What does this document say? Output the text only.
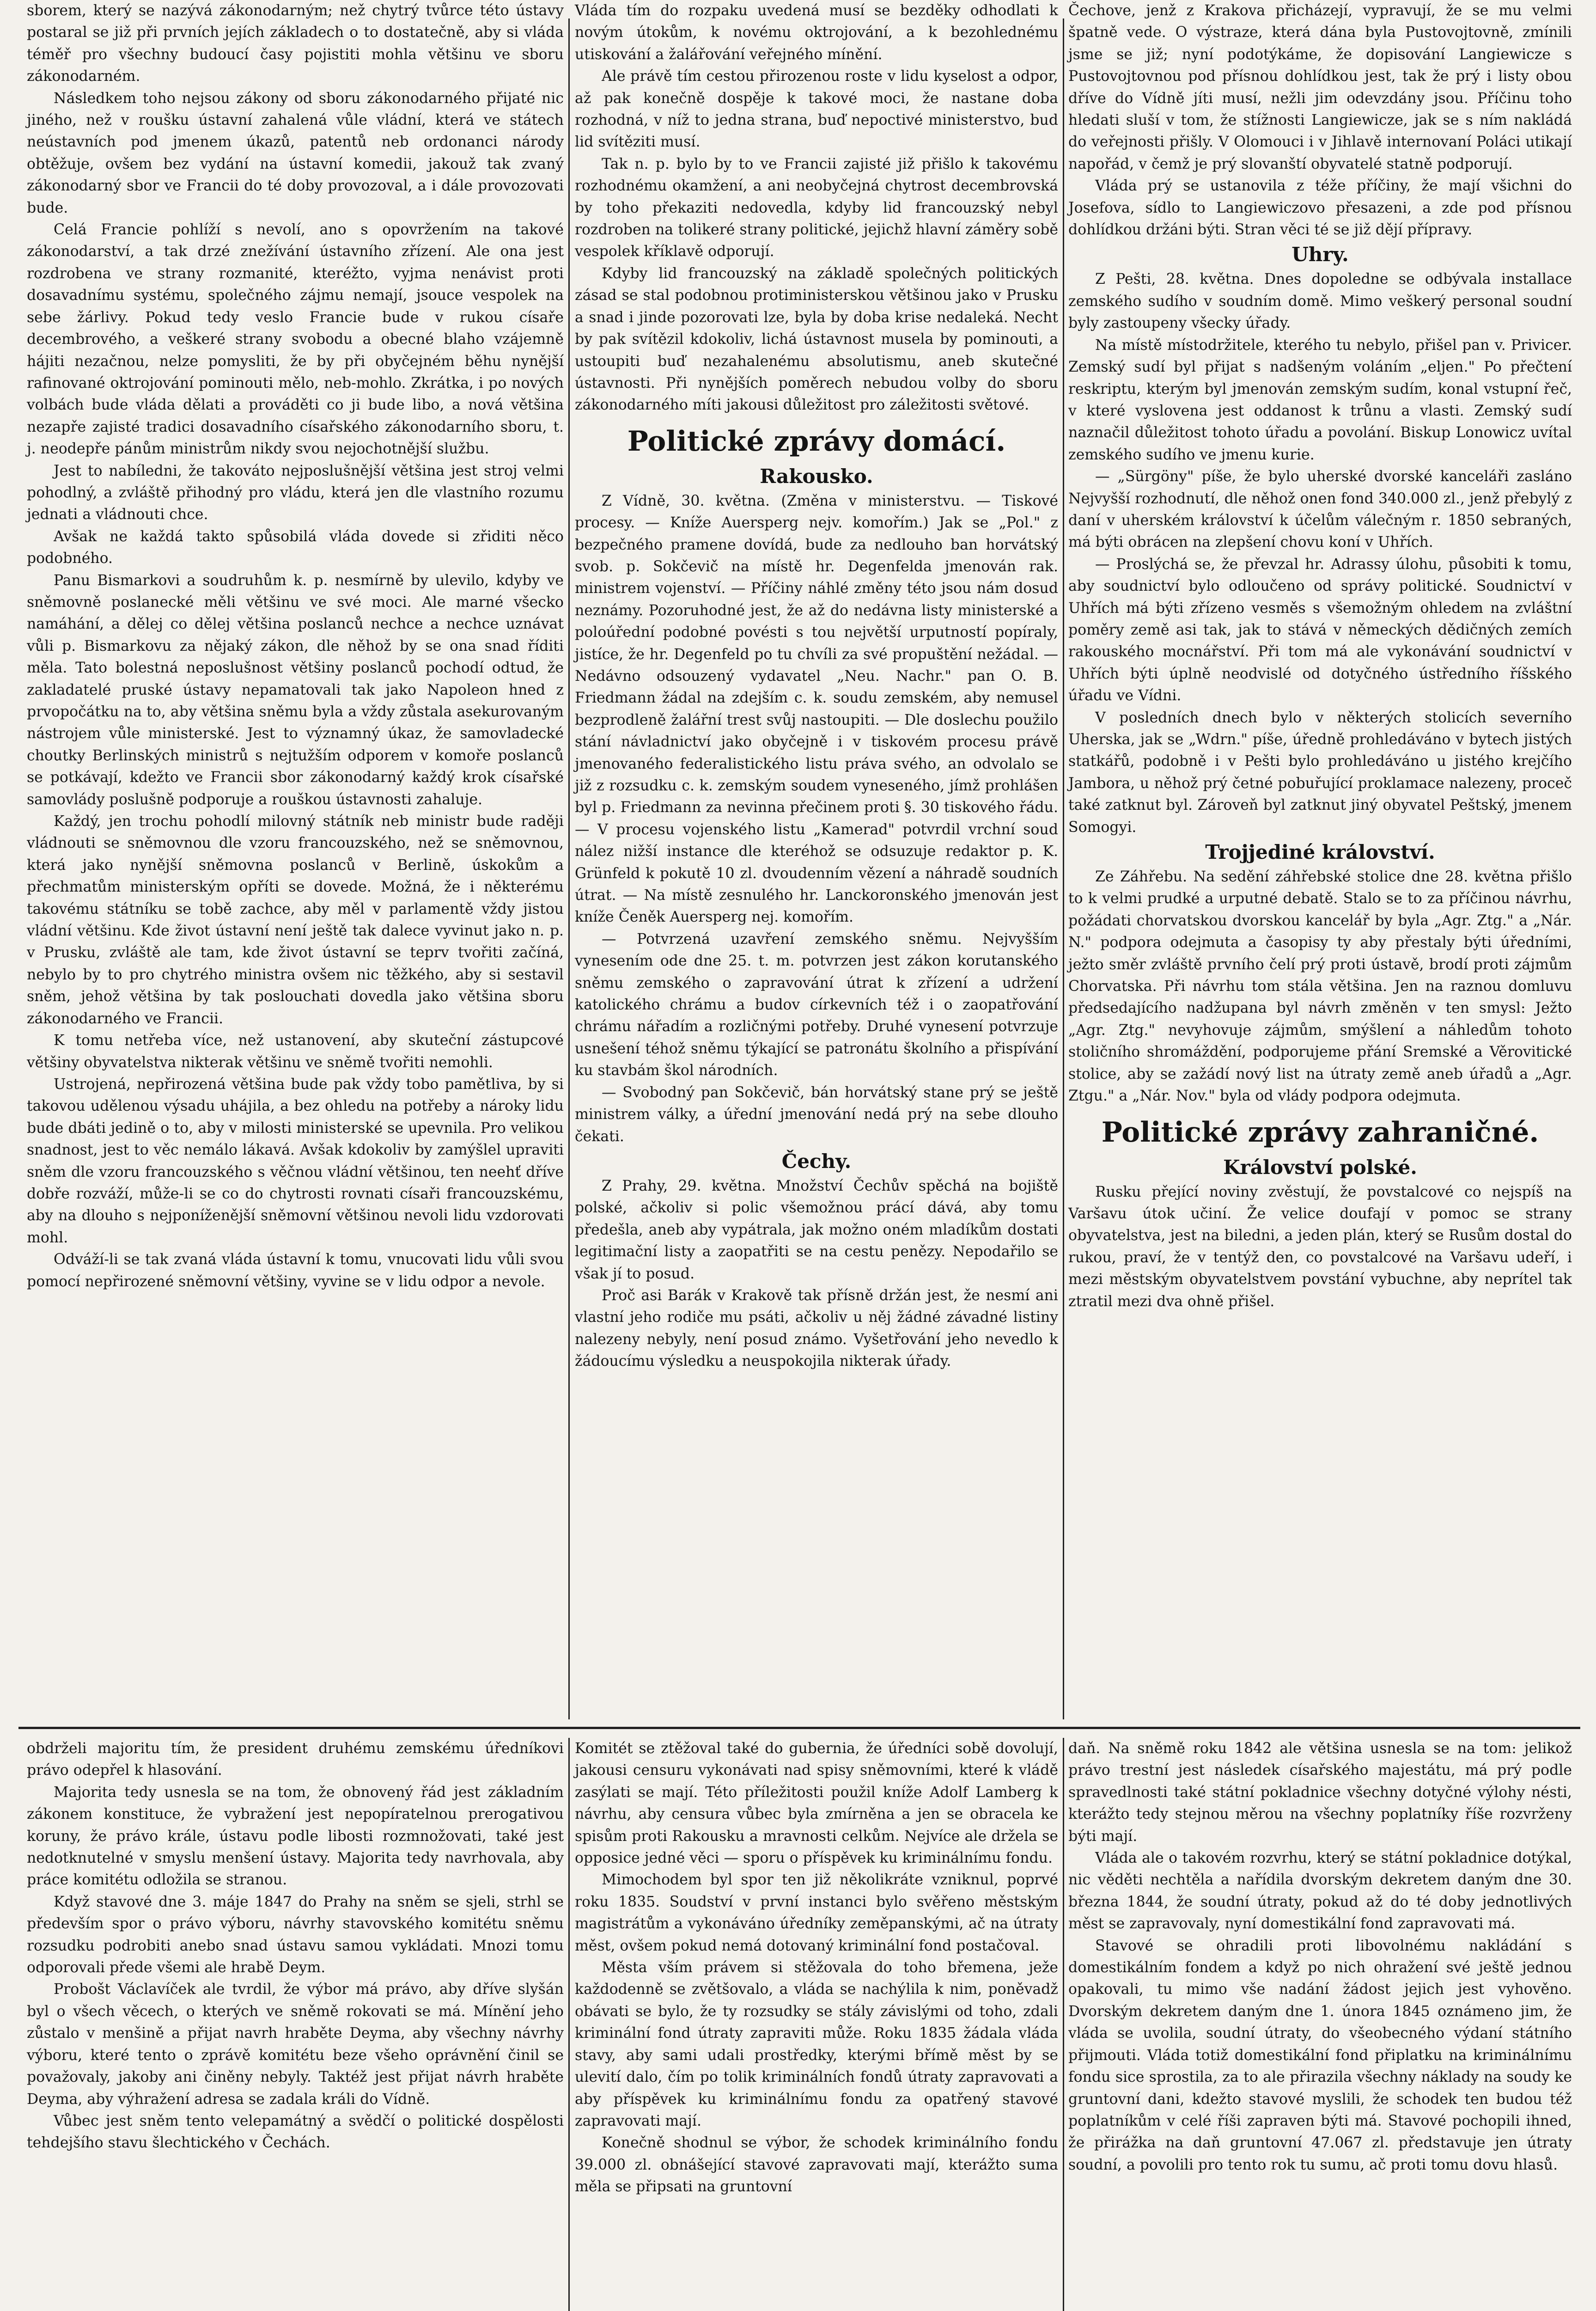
sborem, který se nazývá zákonodarným; než chytrý tvůrce této ústavy postaral se již při prvních jejích základech o to dostatečně, aby si vláda téměř pro všechny budoucí časy pojistiti mohla většinu ve sboru zákonodarném.

Následkem toho nejsou zákony od sboru zákonodarného přijaté nic jiného, než v roušku ústavní zahalená vůle vládní, která ve státech neústavních pod jmenem úkazů, patentů neb ordonanci národy obtěžuje, ovšem bez vydání na ústavní komedii, jakouž tak zvaný zákonodarný sbor ve Francii do té doby provozoval, a i dále provozovati bude.

Celá Francie pohlíží s nevolí, ano s opovržením na takové zákonodarství, a tak drzé znežívání ústavního zřízení. Ale ona jest rozdrobena ve strany rozmanité, kteréžto, vyjma nenávist proti dosavadnímu systému, společného zájmu nemají, jsouce vespolek na sebe žárlivy. Pokud tedy veslo Francie bude v rukou císaře decembrového, a veškeré strany svobodu a obecné blaho vzájemně hájiti nezačnou, nelze pomysliti, že by při obyčejném běhu nynější rafinované oktrojování pominouti mělo, neb-mohlo. Zkrátka, i po nových volbách bude vláda dělati a prováděti co ji bude libo, a nová většina nezapře zajisté tradici dosavadního císařského zákonodarního sboru, t. j. neodepře pánům ministrům nikdy svou nejochotnější službu.

Jest to nabíledni, že takováto nejposlušnější většina jest stroj velmi pohodlný, a zvláště přihodný pro vládu, která jen dle vlastního rozumu jednati a vládnouti chce.

Avšak ne každá takto spůsobilá vláda dovede si zřiditi něco podobného.

Panu Bismarkovi a soudruhům k. p. nesmírně by ulevilo, kdyby ve sněmovně poslanecké měli většinu ve své moci. Ale marné všecko namáhání, a dělej co dělej většina poslanců nechce a nechce uznávat vůli p. Bismarkovu za nějaký zákon, dle něhož by se ona snad říditi měla. Tato bolestná neposlušnost většiny poslanců pochodí odtud, že zakladatelé pruské ústavy nepamatovali tak jako Napoleon hned z prvopočátku na to, aby většina sněmu byla a vždy zůstala asekurovaným nástrojem vůle ministerské. Jest to významný úkaz, že samovladecké choutky Berlinských ministrů s nejtužším odporem v komoře poslanců se potkávají, kdežto ve Francii sbor zákonodarný každý krok císařské samovlády poslušně podporuje a rouškou ústavnosti zahaluje.

Každý, jen trochu pohodlí milovný státník neb ministr bude raději vládnouti se sněmovnou dle vzoru francouzského, než se sněmovnou, která jako nynější sněmovna poslanců v Berlině, úskokům a přechmatům ministerským opříti se dovede. Možná, že i některému takovému státníku se tobě zachce, aby měl v parlamentě vždy jistou vládní většinu. Kde život ústavní není ještě tak dalece vyvinut jako n. p. v Prusku, zvláště ale tam, kde život ústavní se teprv tvořiti začíná, nebylo by to pro chytrého ministra ovšem nic těžkého, aby si sestavil sněm, jehož většina by tak poslouchati dovedla jako většina sboru zákonodarného ve Francii.

K tomu netřeba více, než ustanovení, aby skuteční zástupcové většiny obyvatelstva nikterak většinu ve sněmě tvořiti nemohli.

Ustrojená, nepřirozená většina bude pak vždy tobo pamětliva, by si takovou udělenou výsadu uhájila, a bez ohledu na potřeby a nároky lidu bude dbáti jedině o to, aby v milosti ministerské se upevnila. Pro velikou snadnost, jest to věc nemálo lákavá. Avšak kdokoliv by zamýšlel upraviti sněm dle vzoru francouzského s věčnou vládní většinou, ten neehť dříve dobře rozváží, může-li se co do chytrosti rovnati císaři francouzskému, aby na dlouho s nejponíženější sněmovní většinou nevoli lidu vzdorovati mohl.

Odváží-li se tak zvaná vláda ústavní k tomu, vnucovati lidu vůli svou pomocí nepřirozené sněmovní většiny, vyvine se v lidu odpor a nevole.

Vláda tím do rozpaku uvedená musí se bezděky odhodlati k novým útokům, k novému oktrojování, a k bezohlednému utiskování a žalářování veřejného mínění.

Ale právě tím cestou přirozenou roste v lidu kyselost a odpor, až pak konečně dospěje k takové moci, že nastane doba rozhodná, v níž to jedna strana, buď nepoctivé ministerstvo, bud lid svítěziti musí.

Tak n. p. bylo by to ve Francii zajisté již přišlo k takovému rozhodnému okamžení, a ani neobyčejná chytrost decembrovská by toho překaziti nedovedla, kdyby lid francouzský nebyl rozdroben na tolikeré strany politické, jejichž hlavní záměry sobě vespolek kříklavě odporují.

Kdyby lid francouzský na základě společných politických zásad se stal podobnou protiministerskou většinou jako v Prusku a snad i jinde pozorovati lze, byla by doba krise nedaleká. Necht by pak svítězil kdokoliv, lichá ústavnost musela by pominouti, a ustoupiti buď nezahalenému absolutismu, aneb skutečné ústavnosti. Při nynějších poměrech nebudou volby do sboru zákonodarného míti jakousi důležitost pro záležitosti světové.

Politické zprávy domácí.
Rakousko.

Z Vídně, 30. května. (Změna v ministerstvu. — Tiskové procesy. — Kníže Auersperg nejv. komořím.) Jak se „Pol." z bezpečného pramene dovídá, bude za nedlouho ban horvátský svob. p. Sokčevič na místě hr. Degenfelda jmenován rak. ministrem vojenství. — Příčiny náhlé změny této jsou nám dosud neznámy. Pozoruhodné jest, že až do nedávna listy ministerské a poloúřední podobné povésti s tou největší urputností popíraly, jistíce, že hr. Degenfeld po tu chvíli za své propuštění nežádal. — Nedávno odsouzený vydavatel „Neu. Nachr." pan O. B. Friedmann žádal na zdejším c. k. soudu zemském, aby nemusel bezprodleně žalářní trest svůj nastoupiti. — Dle doslechu použilo stání návladnictví jako obyčejně i v tiskovém procesu právě jmenovaného federalistického listu práva svého, an odvolalo se již z rozsudku c. k. zemským soudem vyneseného, jímž prohlášen byl p. Friedmann za nevinna přečinem proti §. 30 tiskového řádu. — V procesu vojenského listu „Kamerad" potvrdil vrchní soud nález nižší instance dle kteréhož se odsuzuje redaktor p. K. Grünfeld k pokutě 10 zl. dvoudenním vězení a náhradě soudních útrat. — Na místě zesnulého hr. Lanckoronského jmenován jest kníže Čeněk Auersperg nej. komořím.

— Potvrzená uzavření zemského sněmu. Nejvyšším vynesením ode dne 25. t. m. potvrzen jest zákon korutanského sněmu zemského o zapravování útrat k zřízení a udržení katolického chrámu a budov církevních též i o zaopatřování chrámu nářadím a rozličnými potřeby. Druhé vynesení potvrzuje usnešení téhož sněmu týkající se patronátu školního a přispívání ku stavbám škol národních.

— Svobodný pan Sokčevič, bán horvátský stane prý se ještě ministrem války, a úřední jmenování nedá prý na sebe dlouho čekati.

Čechy.

Z Prahy, 29. května. Množství Čechův spěchá na bojiště polské, ačkoliv si polic všemožnou prácí dává, aby tomu předešla, aneb aby vypátrala, jak možno oném mladíkům dostati legitimační listy a zaopatřiti se na cestu penězy. Nepodařilo se však jí to posud.

Proč asi Barák v Krakově tak přísně držán jest, že nesmí ani vlastní jeho rodiče mu psáti, ačkoliv u něj žádné závadné listiny nalezeny nebyly, není posud známo. Vyšetřování jeho nevedlo k žádoucímu výsledku a neuspokojila nikterak úřady.

Čechove, jenž z Krakova přicházejí, vypravují, že se mu velmi špatně vede. O výstraze, která dána byla Pustovojtovně, zmínili jsme se již; nyní podotýkáme, že dopisování Langiewicze s Pustovojtovnou pod přísnou dohlídkou jest, tak že prý i listy obou dříve do Vídně jíti musí, nežli jim odevzdány jsou. Příčinu toho hledati sluší v tom, že stížnosti Langiewicze, jak se s ním nakládá do veřejnosti přišly. V Olomouci i v Jihlavě internovaní Poláci utikají napořád, v čemž je prý slovanští obyvatelé statně podporují.

Vláda prý se ustanovila z téže příčiny, že mají všichni do Josefova, sídlo to Langiewiczovo přesazeni, a zde pod přísnou dohlídkou držáni býti. Stran věci té se již dějí přípravy.

Uhry.

Z Pešti, 28. května. Dnes dopoledne se odbývala installace zemského sudího v soudním domě. Mimo veškerý personal soudní byly zastoupeny všecky úřady.

Na místě místodržitele, kterého tu nebylo, přišel pan v. Privicer. Zemský sudí byl přijat s nadšeným voláním „eljen." Po přečtení reskriptu, kterým byl jmenován zemským sudím, konal vstupní řeč, v které vyslovena jest oddanost k trůnu a vlasti. Zemský sudí naznačil důležitost tohoto úřadu a povolání. Biskup Lonowicz uvítal zemského sudího ve jmenu kurie.

— „Sürgöny" píše, že bylo uherské dvorské kanceláři zasláno Nejvyšší rozhodnutí, dle něhož onen fond 340.000 zl., jenž přebylý z daní v uherském království k účelům válečným r. 1850 sebraných, má býti obrácen na zlepšení chovu koní v Uhřích.

— Proslýchá se, že převzal hr. Adrassy úlohu, působiti k tomu, aby soudnictví bylo odloučeno od správy politické. Soudnictví v Uhřích má býti zřízeno vesměs s všemožným ohledem na zvláštní poměry země asi tak, jak to stává v německých dědičných zemích rakouského mocnářství. Při tom má ale vykonávání soudnictví v Uhřích býti úplně neodvislé od dotyčného ústředního říšského úřadu ve Vídni.

V posledních dnech bylo v některých stolicích severního Uherska, jak se „Wdrn." píše, úředně prohledáváno v bytech jistých statkářů, podobně i v Pešti bylo prohledáváno u jistého krejčího Jambora, u něhož prý četné pobuřující proklamace nalezeny, proceč také zatknut byl. Zároveň byl zatknut jiný obyvatel Peštský, jmenem Somogyi.

Trojjediné království.

Ze Záhřebu. Na sedění záhřebské stolice dne 28. května přišlo to k velmi prudké a urputné debatě. Stalo se to za příčinou návrhu, požádati chorvatskou dvorskou kancelář by byla „Agr. Ztg." a „Nár. N." podpora odejmuta a časopisy ty aby přestaly býti úředními, ježto směr zvláště prvního čelí prý proti ústavě, brodí proti zájmům Chorvatska. Při návrhu tom stála většina. Jen na raznou domluvu předsedajícího nadžupana byl návrh změněn v ten smysl: Ježto „Agr. Ztg." nevyhovuje zájmům, smýšlení a náhledům tohoto stoličního shromáždění, podporujeme přání Sremské a Věrovitické stolice, aby se zažádí nový list na útraty země aneb úřadů a „Agr. Ztgu." a „Nár. Nov." byla od vlády podpora odejmuta.

Politické zprávy zahraničné.
Království polské.

Rusku přející noviny zvěstují, že povstalcové co nejspíš na Varšavu útok učiní. Že velice doufají v pomoc se strany obyvatelstva, jest na biledni, a jeden plán, který se Rusům dostal do rukou, praví, že v tentýž den, co povstalcové na Varšavu udeří, i mezi městským obyvatelstvem povstání vybuchne, aby neprítel tak ztratil mezi dva ohně přišel.

obdrželi majoritu tím, že president druhému zemskému úředníkovi právo odepřel k hlasování.

Majorita tedy usnesla se na tom, že obnovený řád jest základním zákonem konstituce, že vybražení jest nepopíratelnou prerogativou koruny, že právo krále, ústavu podle libosti rozmnožovati, také jest nedotknutelné v smyslu menšení ústavy. Majorita tedy navrhovala, aby práce komitétu odložila se stranou.

Když stavové dne 3. máje 1847 do Prahy na sněm se sjeli, strhl se především spor o právo výboru, návrhy stavovského komitétu sněmu rozsudku podrobiti anebo snad ústavu samou vykládati. Mnozi tomu odporovali přede všemi ale hrabě Deym.

Probošt Václavíček ale tvrdil, že výbor má právo, aby dříve slyšán byl o všech věcech, o kterých ve sněmě rokovati se má. Mínění jeho zůstalo v menšině a přijat navrh hraběte Deyma, aby všechny návrhy výboru, které tento o zprávě komitétu beze všeho oprávnění činil se považovaly, jakoby ani činěny nebyly. Taktéž jest přijat návrh hraběte Deyma, aby výhražení adresa se zadala králi do Vídně.

Vůbec jest sněm tento velepamátný a svědčí o politické dospělosti tehdejšího stavu šlechtického v Čechách.

Komitét se ztěžoval také do gubernia, že úředníci sobě dovolují, jakousi censuru vykonávati nad spisy sněmovními, které k vládě zasýlati se mají. Této příležitosti použil kníže Adolf Lamberg k návrhu, aby censura vůbec byla zmírněna a jen se obracela ke spisům proti Rakousku a mravnosti celkům. Nejvíce ale držela se opposice jedné věci — sporu o příspěvek ku kriminálnímu fondu.

Mimochodem byl spor ten již několikráte vzniknul, poprvé roku 1835. Soudství v první instanci bylo svěřeno městským magistrátům a vykonáváno úředníky zeměpanskými, ač na útraty měst, ovšem pokud nemá dotovaný kriminální fond postačoval.

Města vším právem si stěžovala do toho břemena, ježe každodenně se zvětšovalo, a vláda se nachýlila k nim, poněvadž obávati se bylo, že ty rozsudky se stály závislými od toho, zdali kriminální fond útraty zapraviti může. Roku 1835 žádala vláda stavy, aby sami udali prostředky, kterými břímě měst by se ulevití dalo, čím po tolik kriminálních fondů útraty zapravovati a aby příspěvek ku kriminálnímu fondu za opatřený stavové zapravovati mají.

Konečně shodnul se výbor, že schodek kriminálního fondu 39.000 zl. obnášející stavové zapravovati mají, kterážto suma měla se připsati na gruntovní

daň. Na sněmě roku 1842 ale většina usnesla se na tom: jelikož právo trestní jest následek císařského majestátu, má prý podle spravedlnosti také státní pokladnice všechny dotyčné výlohy nésti, kterážto tedy stejnou měrou na všechny poplatníky říše rozvrženy býti mají.

Vláda ale o takovém rozvrhu, který se státní pokladnice dotýkal, nic věděti nechtěla a nařídila dvorským dekretem daným dne 30. března 1844, že soudní útraty, pokud až do té doby jednotlivých měst se zapravovaly, nyní domestikální fond zapravovati má.

Stavové se ohradili proti libovolnému nakládání s domestikálním fondem a když po nich ohražení své ještě jednou opakovali, tu mimo vše nadání žádost jejich jest vyhověno. Dvorským dekretem daným dne 1. února 1845 oznámeno jim, že vláda se uvolila, soudní útraty, do všeobecného výdaní státního přijmouti. Vláda totiž domestikální fond připlatku na kriminálnímu fondu sice sprostila, za to ale přirazila všechny náklady na soudy ke gruntovní dani, kdežto stavové myslili, že schodek ten budou též poplatníkům v celé říši zapraven býti má. Stavové pochopili ihned, že přirážka na daň gruntovní 47.067 zl. představuje jen útraty soudní, a povolili pro tento rok tu sumu, ač proti tomu dovu hlasů.
